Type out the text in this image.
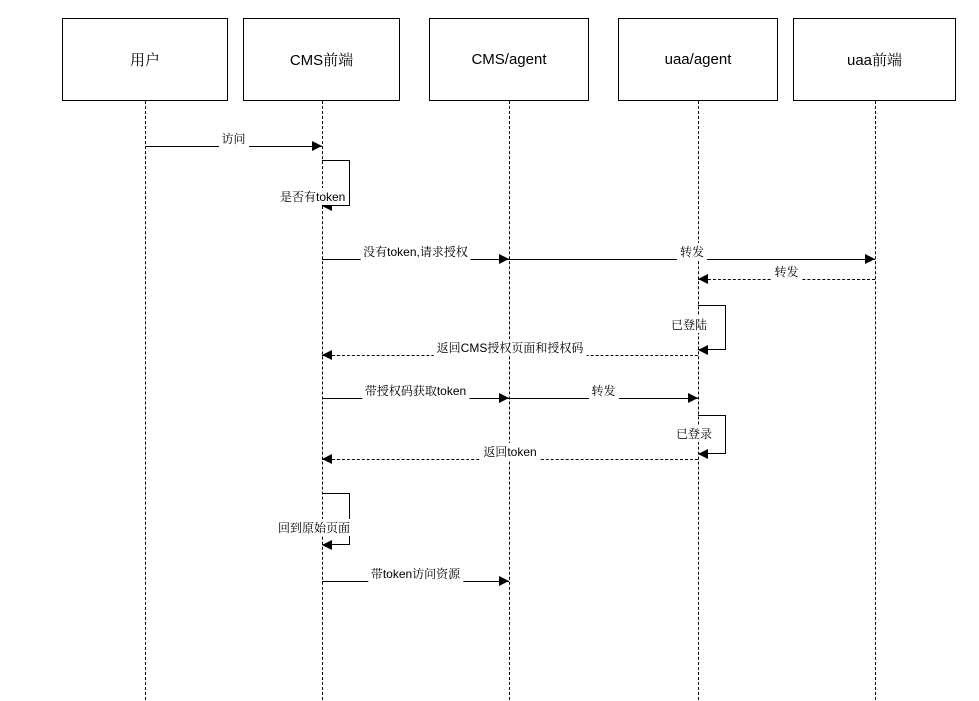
用户	CMS前端	CMS/agent	uaa/agent	uaa前端
访问
没有token,请求授权	转发
转发
返回CMS授权页面和授权码
带授权码获取token	转发
返回token
带token访问资源
是否有token
已登陆
已登录
回到原始页面
